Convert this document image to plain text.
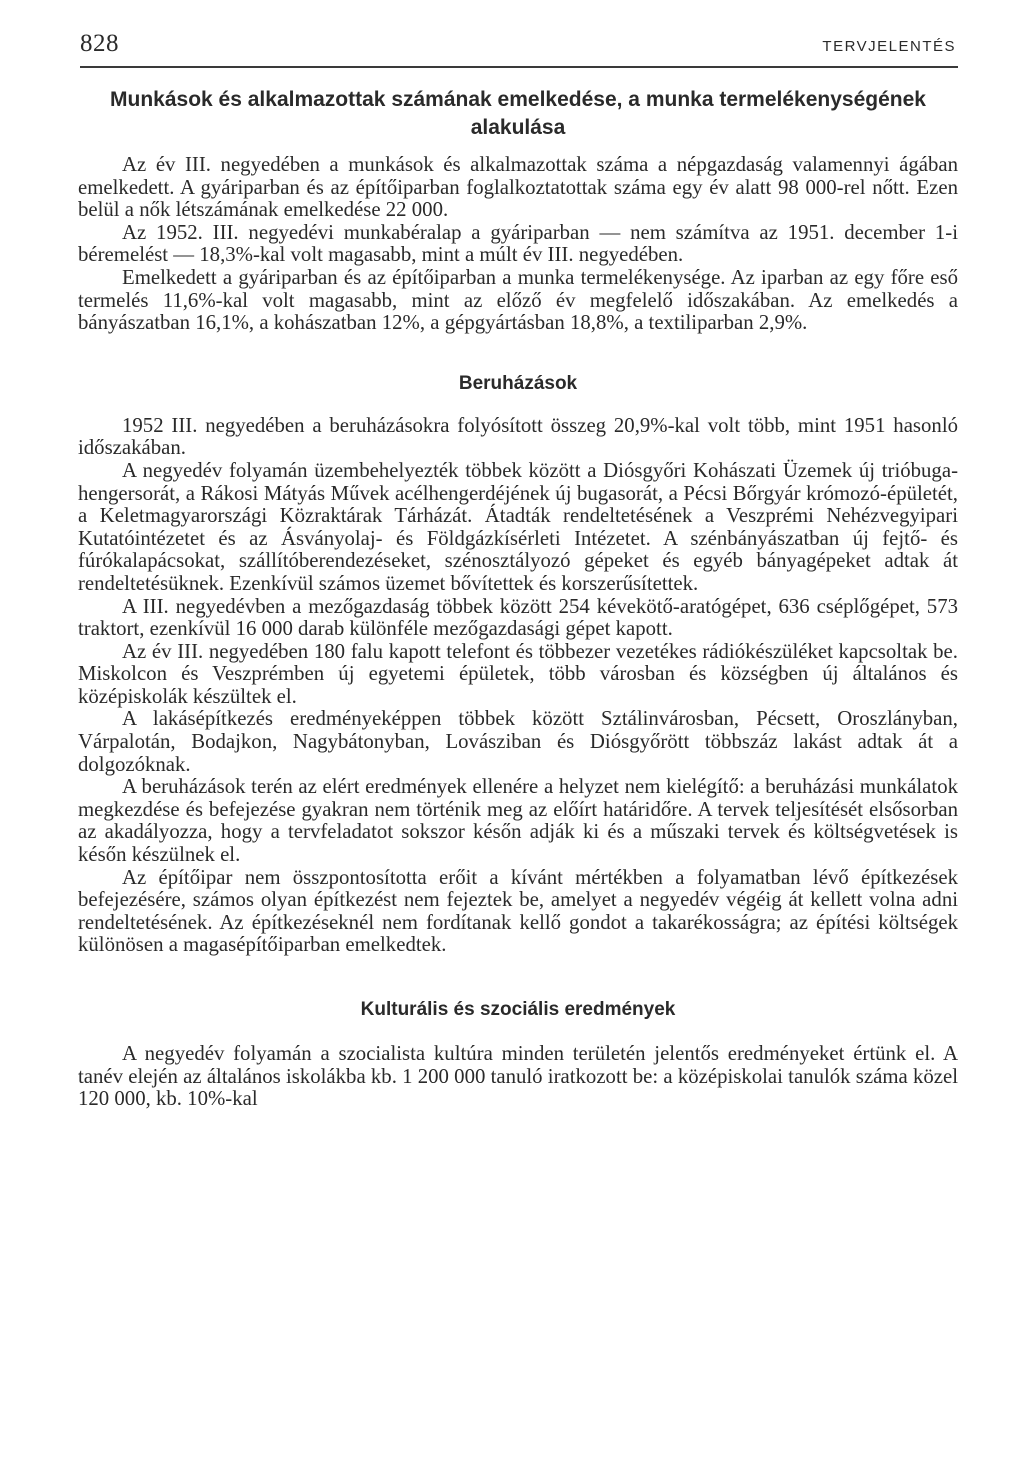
828	TERVJELENTÉS
Munkások és alkalmazottak számának emelkedése, a munka termelékenységének alakulása

Az év III. negyedében a munkások és alkalmazottak száma a népgazdaság valamennyi ágában emelkedett. A gyáriparban és az építőiparban foglalkoztatottak száma egy év alatt 98 000-rel nőtt. Ezen belül a nők létszámának emelkedése 22 000.

Az 1952. III. negyedévi munkabéralap a gyáriparban — nem számítva az 1951. december 1-i béremelést — 18,3%-kal volt magasabb, mint a múlt év III. negyedében.

Emelkedett a gyáriparban és az építőiparban a munka termelékenysége. Az iparban az egy főre eső termelés 11,6%-kal volt magasabb, mint az előző év megfelelő időszakában. Az emelkedés a bányászatban 16,1%, a kohászatban 12%, a gépgyártásban 18,8%, a textiliparban 2,9%.

Beruházások

1952 III. negyedében a beruházásokra folyósított összeg 20,9%-kal volt több, mint 1951 hasonló időszakában.

A negyedév folyamán üzembehelyezték többek között a Diósgyőri Kohászati Üzemek új trióbuga-hengersorát, a Rákosi Mátyás Művek acélhengerdéjének új bugasorát, a Pécsi Bőrgyár krómozó-épületét, a Keletmagyarországi Közraktárak Tárházát. Átadták rendeltetésének a Veszprémi Nehézvegyipari Kutatóintézetet és az Ásványolaj- és Földgázkísérleti Intézetet. A szénbányászatban új fejtő- és fúrókalapácsokat, szállítóberendezéseket, szénosztályozó gépeket és egyéb bányagépeket adtak át rendeltetésüknek. Ezenkívül számos üzemet bővítettek és korszerűsítettek.

A III. negyedévben a mezőgazdaság többek között 254 kévekötő-aratógépet, 636 cséplőgépet, 573 traktort, ezenkívül 16 000 darab különféle mezőgazdasági gépet kapott.

Az év III. negyedében 180 falu kapott telefont és többezer vezetékes rádiókészüléket kapcsoltak be. Miskolcon és Veszprémben új egyetemi épületek, több városban és községben új általános és középiskolák készültek el.

A lakásépítkezés eredményeképpen többek között Sztálinvárosban, Pécsett, Oroszlányban, Várpalotán, Bodajkon, Nagybátonyban, Lovásziban és Diósgyőrött többszáz lakást adtak át a dolgozóknak.

A beruházások terén az elért eredmények ellenére a helyzet nem kielégítő: a beruházási munkálatok megkezdése és befejezése gyakran nem történik meg az előírt határidőre. A tervek teljesítését elsősorban az akadályozza, hogy a tervfeladatot sokszor későn adják ki és a műszaki tervek és költségvetések is későn készülnek el.

Az építőipar nem összpontosította erőit a kívánt mértékben a folyamatban lévő építkezések befejezésére, számos olyan építkezést nem fejeztek be, amelyet a negyedév végéig át kellett volna adni rendeltetésének. Az építkezéseknél nem fordítanak kellő gondot a takarékosságra; az építési költségek különösen a magasépítőiparban emelkedtek.

Kulturális és szociális eredmények

A negyedév folyamán a szocialista kultúra minden területén jelentős eredményeket értünk el. A tanév elején az általános iskolákba kb. 1 200 000 tanuló iratkozott be: a középiskolai tanulók száma közel 120 000, kb. 10%-kal
